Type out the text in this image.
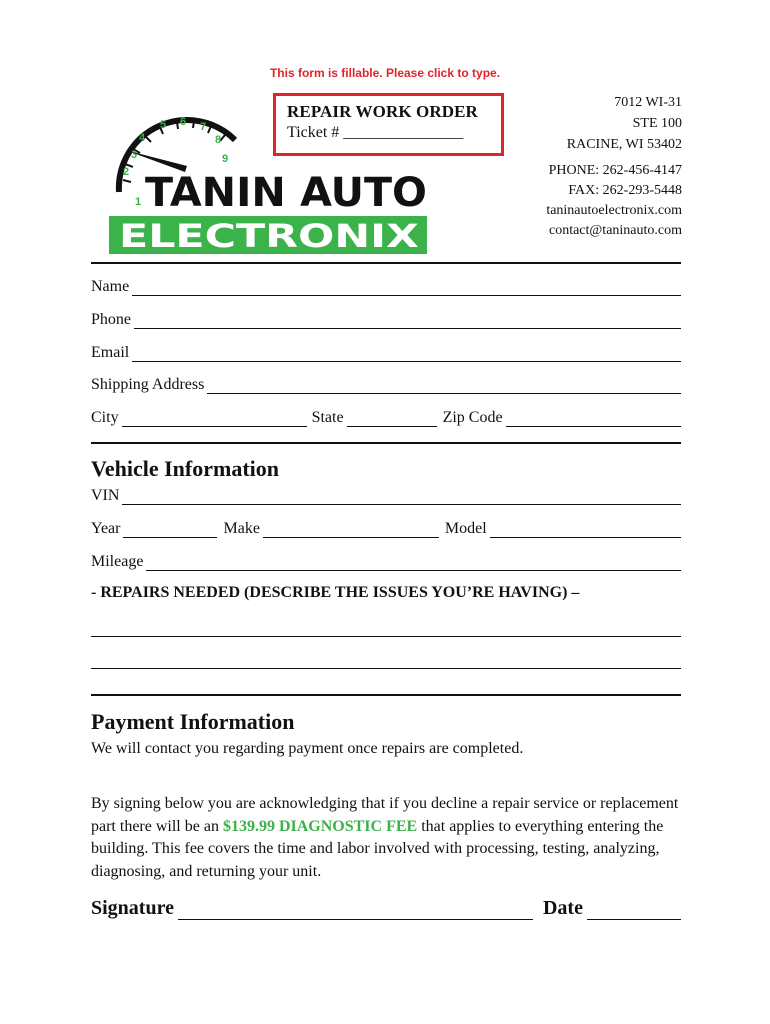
This form is fillable. Please click to type.
1
2
3
4
5 6 7
8
9
TANIN AUTO
ELECTRONIX
REPAIR WORK ORDER
Ticket # _______________
7012 WI-31
STE 100
RACINE, WI 53402
PHONE: 262-456-4147
FAX: 262-293-5448
taninautoelectronix.com
contact@taninauto.com
Name
Phone
Email
Shipping Address
City	State	Zip Code
Vehicle Information
VIN
Year	Make	Model
Mileage
- REPAIRS NEEDED (DESCRIBE THE ISSUES YOU’RE HAVING) –
Payment Information
We will contact you regarding payment once repairs are completed.
By signing below you are acknowledging that if you decline a repair service or replacement part there will be an $139.99 DIAGNOSTIC FEE that applies to everything entering the building. This fee covers the time and labor involved with processing, testing, analyzing, diagnosing, and returning your unit.
Signature	Date
